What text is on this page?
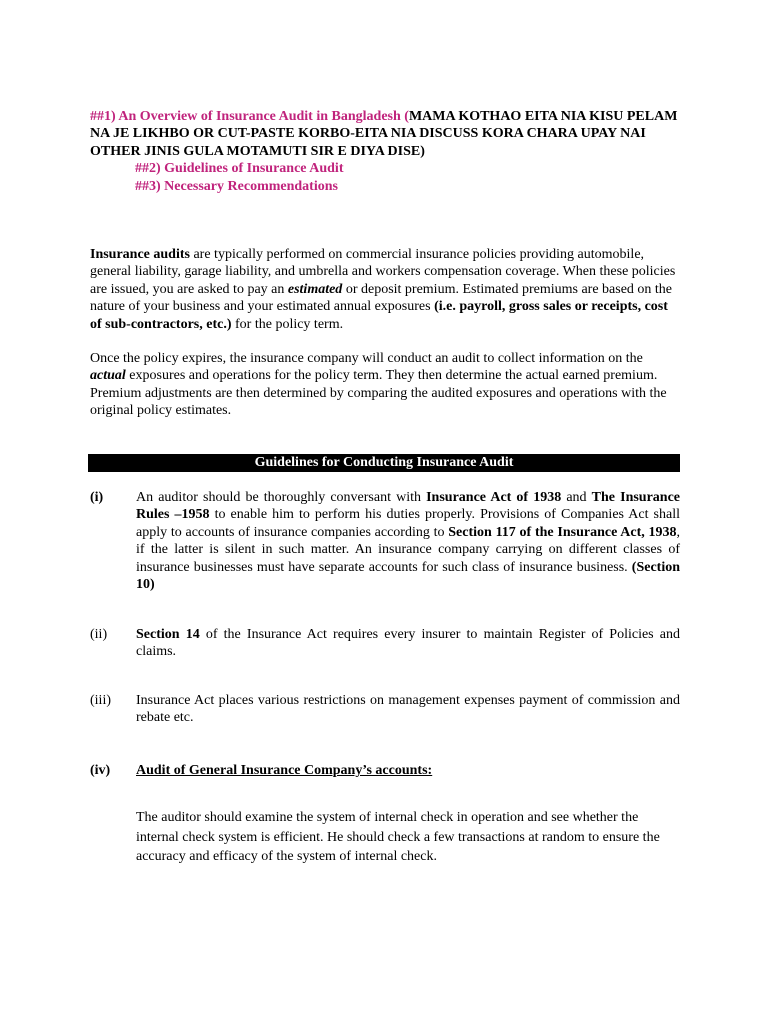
##1) An Overview of Insurance Audit in Bangladesh (MAMA KOTHAO EITA NIA KISU PELAM NA JE LIKHBO OR CUT-PASTE KORBO-EITA NIA DISCUSS KORA CHARA UPAY NAI OTHER JINIS GULA MOTAMUTI SIR E DIYA DISE)
##2) Guidelines of Insurance Audit
##3) Necessary Recommendations

Insurance audits are typically performed on commercial insurance policies providing automobile, general liability, garage liability, and umbrella and workers compensation coverage. When these policies are issued, you are asked to pay an estimated or deposit premium. Estimated premiums are based on the nature of your business and your estimated annual exposures (i.e. payroll, gross sales or receipts, cost of sub-contractors, etc.) for the policy term.

Once the policy expires, the insurance company will conduct an audit to collect information on the actual exposures and operations for the policy term. They then determine the actual earned premium. Premium adjustments are then determined by comparing the audited exposures and operations with the original policy estimates.

Guidelines for Conducting Insurance Audit
(i)	An auditor should be thoroughly conversant with Insurance Act of 1938 and The Insurance Rules –1958 to enable him to perform his duties properly. Provisions of Companies Act shall apply to accounts of insurance companies according to Section 117 of the Insurance Act, 1938, if the latter is silent in such matter. An insurance company carrying on different classes of insurance businesses must have separate accounts for such class of insurance business. (Section 10)
(ii)	Section 14 of the Insurance Act requires every insurer to maintain Register of Policies and claims.
(iii)	Insurance Act places various restrictions on management expenses payment of commission and rebate etc.
(iv)	Audit of General Insurance Company’s accounts:
The auditor should examine the system of internal check in operation and see whether the internal check system is efficient. He should check a few transactions at random to ensure the accuracy and efficacy of the system of internal check.
